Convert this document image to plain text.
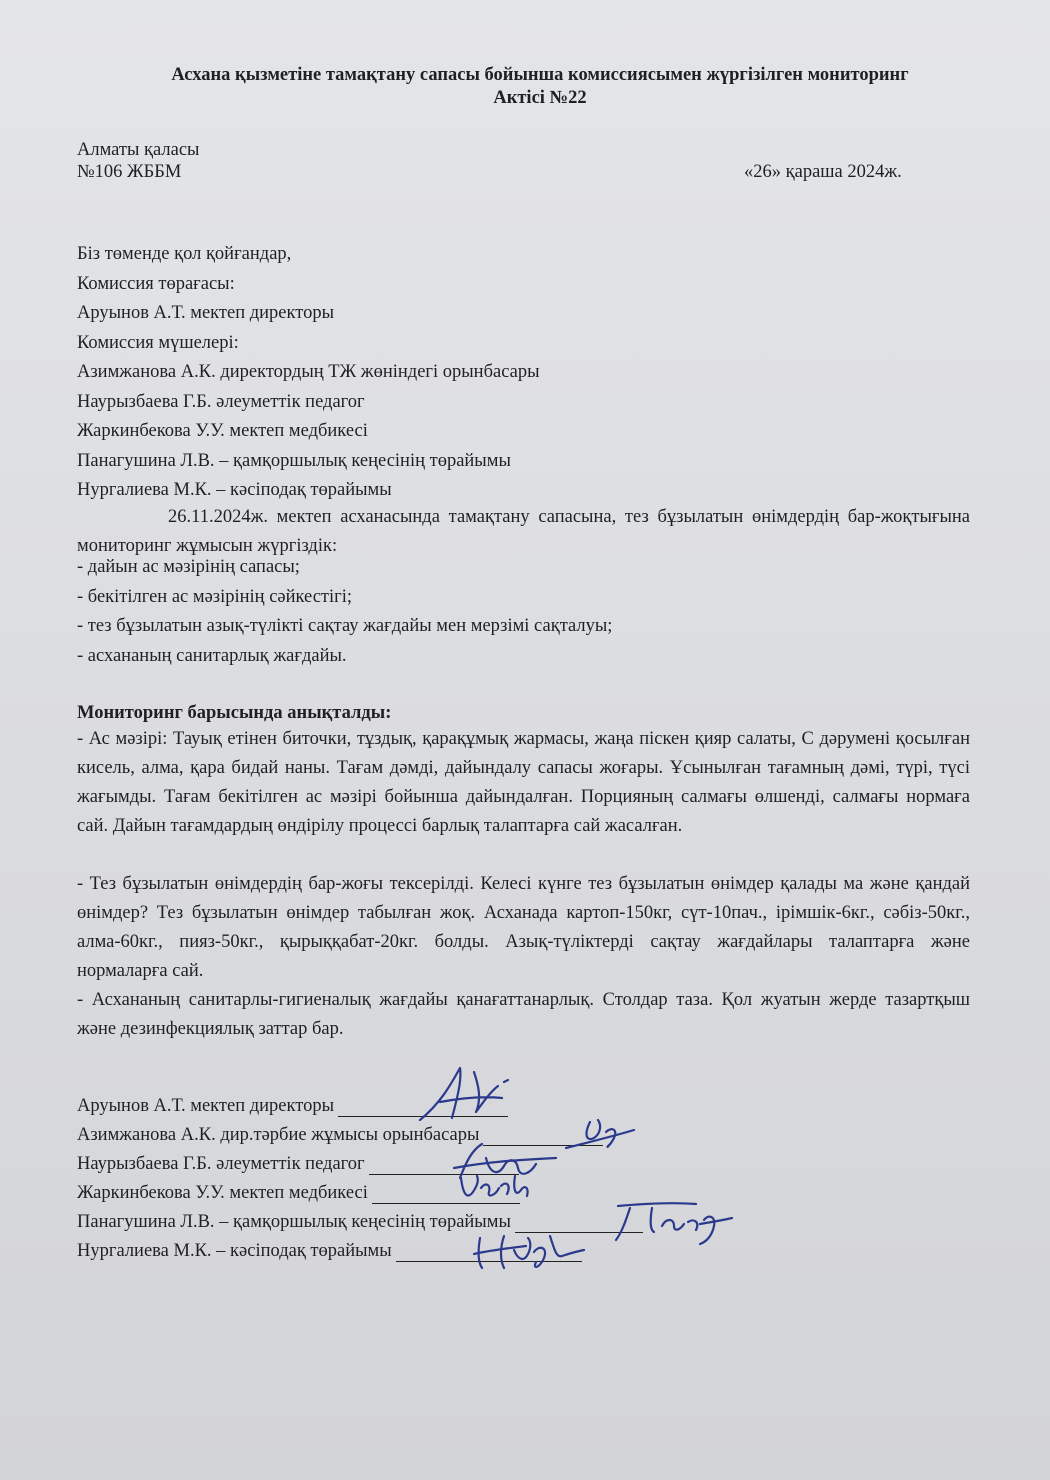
Асхана қызметіне тамақтану сапасы бойынша комиссиясымен жүргізілген мониторинг
Актісі №22

Алматы қаласы

№106 ЖББМ	«26» қараша 2024ж.

Біз төменде қол қойғандар,

Комиссия төрағасы:

Аруынов А.Т. мектеп директоры

Комиссия мүшелері:

Азимжанова А.К. директордың ТЖ жөніндегі орынбасары

Наурызбаева Г.Б. әлеуметтік педагог

Жаркинбекова У.У. мектеп медбикесі

Панагушина Л.В. – қамқоршылық кеңесінің төрайымы

Нургалиева М.К. – кәсіподақ төрайымы

26.11.2024ж. мектеп асханасында тамақтану сапасына, тез бұзылатын өнімдердің бар-жоқтығына мониторинг жұмысын жүргіздік:

- дайын ас мәзірінің сапасы;

- бекітілген ас мәзірінің сәйкестігі;

- тез бұзылатын азық-түлікті сақтау жағдайы мен мерзімі сақталуы;

- асхананың санитарлық жағдайы.

Мониторинг барысында анықталды:

- Ас мәзірі: Тауық етінен биточки, тұздық, қарақұмық жармасы, жаңа піскен қияр салаты, С дәрумені қосылған кисель, алма, қара бидай наны. Тағам дәмді, дайындалу сапасы жоғары. Ұсынылған тағамның дәмі, түрі, түсі жағымды. Тағам бекітілген ас мәзірі бойынша дайындалған. Порцияның салмағы өлшенді, салмағы нормаға сай. Дайын тағамдардың өндірілу процессі барлық талаптарға сай жасалған.

- Тез бұзылатын өнімдердің бар-жоғы тексерілді. Келесі күнге тез бұзылатын өнімдер қалады ма және қандай өнімдер? Тез бұзылатын өнімдер табылған жоқ. Асханада картоп-150кг, сүт-10пач., ірімшік-6кг., сәбіз-50кг., алма-60кг., пияз-50кг., қырыққабат-20кг. болды. Азық-түліктерді сақтау жағдайлары талаптарға және нормаларға сай.

- Асхананың санитарлы-гигиеналық жағдайы қанағаттанарлық. Столдар таза. Қол жуатын жерде тазартқыш және дезинфекциялық заттар бар.

Аруынов А.Т. мектеп директоры
Азимжанова А.К. дир.тәрбие жұмысы орынбасары
Наурызбаева Г.Б. әлеуметтік педагог
Жаркинбекова У.У. мектеп медбикесі
Панагушина Л.В. – қамқоршылық кеңесінің төрайымы
Нургалиева М.К. – кәсіподақ төрайымы
